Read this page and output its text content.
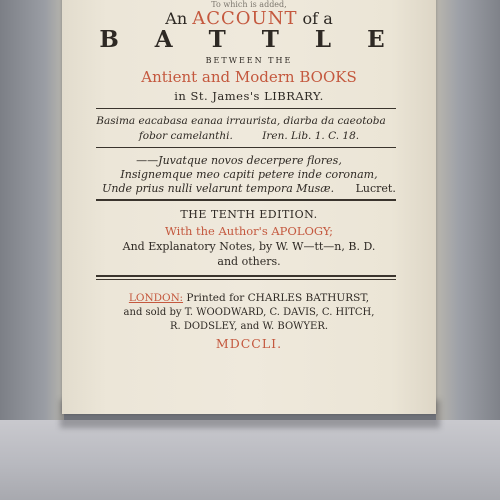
To which is added,
An ACCOUNT of a
B A T T L E
BETWEEN THE
Antient and Modern BOOKS
in St. James's LIBRARY.
Basima eacabasa eanaa irraurista, diarba da caeotoba
fobor camelanthi.	Iren. Lib. 1. C. 18.
——Juvatque novos decerpere flores,
Insignemque meo capiti petere inde coronam,
Unde prius nulli velarunt tempora Musæ. Lucret.
THE TENTH EDITION.
With the Author's APOLOGY;
And Explanatory Notes, by W. W—tt—n, B. D.
and others.
LONDON: Printed for CHARLES BATHURST,
and sold by T. WOODWARD, C. DAVIS, C. HITCH,
R. DODSLEY, and W. BOWYER.
MDCCLI.
